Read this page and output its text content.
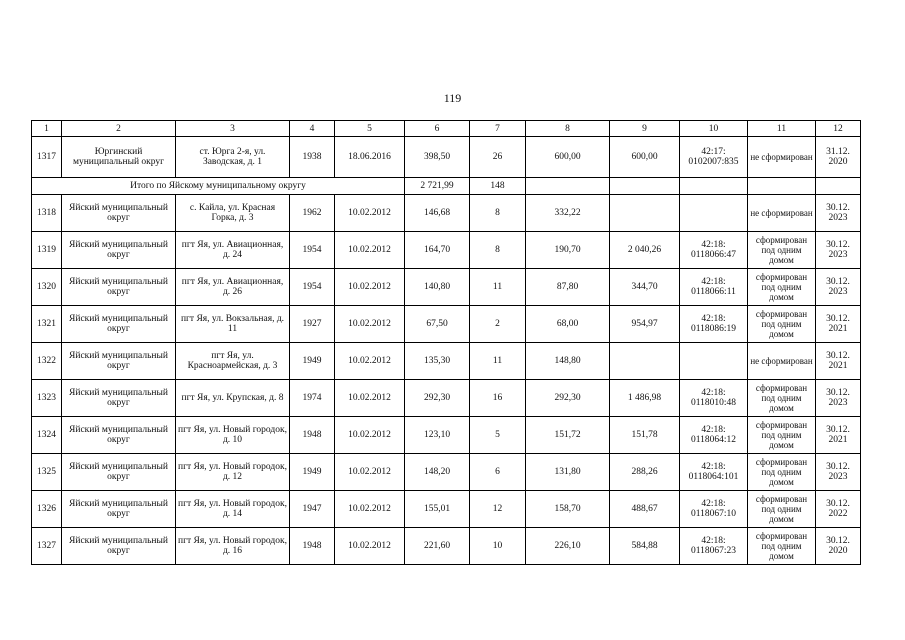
119
1	2	3	4	5	6	7	8	9	10	11	12
1317	Юргинский муниципальный округ	ст. Юрга 2-я, ул. Заводская, д. 1	1938	18.06.2016	398,50	26	600,00	600,00	42:17: 0102007:835	не сформирован	31.12. 2020
Итого по Яйскому муниципальному округу					2 721,99	148					
1318	Яйский муниципальный округ	с. Кайла, ул. Красная Горка, д. 3	1962	10.02.2012	146,68	8	332,22			не сформирован	30.12. 2023
1319	Яйский муниципальный округ	пгт Яя, ул. Авиационная, д. 24	1954	10.02.2012	164,70	8	190,70	2 040,26	42:18: 0118066:47	сформирован под одним домом	30.12. 2023
1320	Яйский муниципальный округ	пгт Яя, ул. Авиационная, д. 26	1954	10.02.2012	140,80	11	87,80	344,70	42:18: 0118066:11	сформирован под одним домом	30.12. 2023
1321	Яйский муниципальный округ	пгт Яя, ул. Вокзальная, д. 11	1927	10.02.2012	67,50	2	68,00	954,97	42:18: 0118086:19	сформирован под одним домом	30.12. 2021
1322	Яйский муниципальный округ	пгт Яя, ул. Красноармейская, д. 3	1949	10.02.2012	135,30	11	148,80			не сформирован	30.12. 2021
1323	Яйский муниципальный округ	пгт Яя, ул. Крупская, д. 8	1974	10.02.2012	292,30	16	292,30	1 486,98	42:18: 0118010:48	сформирован под одним домом	30.12. 2023
1324	Яйский муниципальный округ	пгт Яя, ул. Новый городок, д. 10	1948	10.02.2012	123,10	5	151,72	151,78	42:18: 0118064:12	сформирован под одним домом	30.12. 2021
1325	Яйский муниципальный округ	пгт Яя, ул. Новый городок, д. 12	1949	10.02.2012	148,20	6	131,80	288,26	42:18: 0118064:101	сформирован под одним домом	30.12. 2023
1326	Яйский муниципальный округ	пгт Яя, ул. Новый городок, д. 14	1947	10.02.2012	155,01	12	158,70	488,67	42:18: 0118067:10	сформирован под одним домом	30.12. 2022
1327	Яйский муниципальный округ	пгт Яя, ул. Новый городок, д. 16	1948	10.02.2012	221,60	10	226,10	584,88	42:18: 0118067:23	сформирован под одним домом	30.12. 2020
